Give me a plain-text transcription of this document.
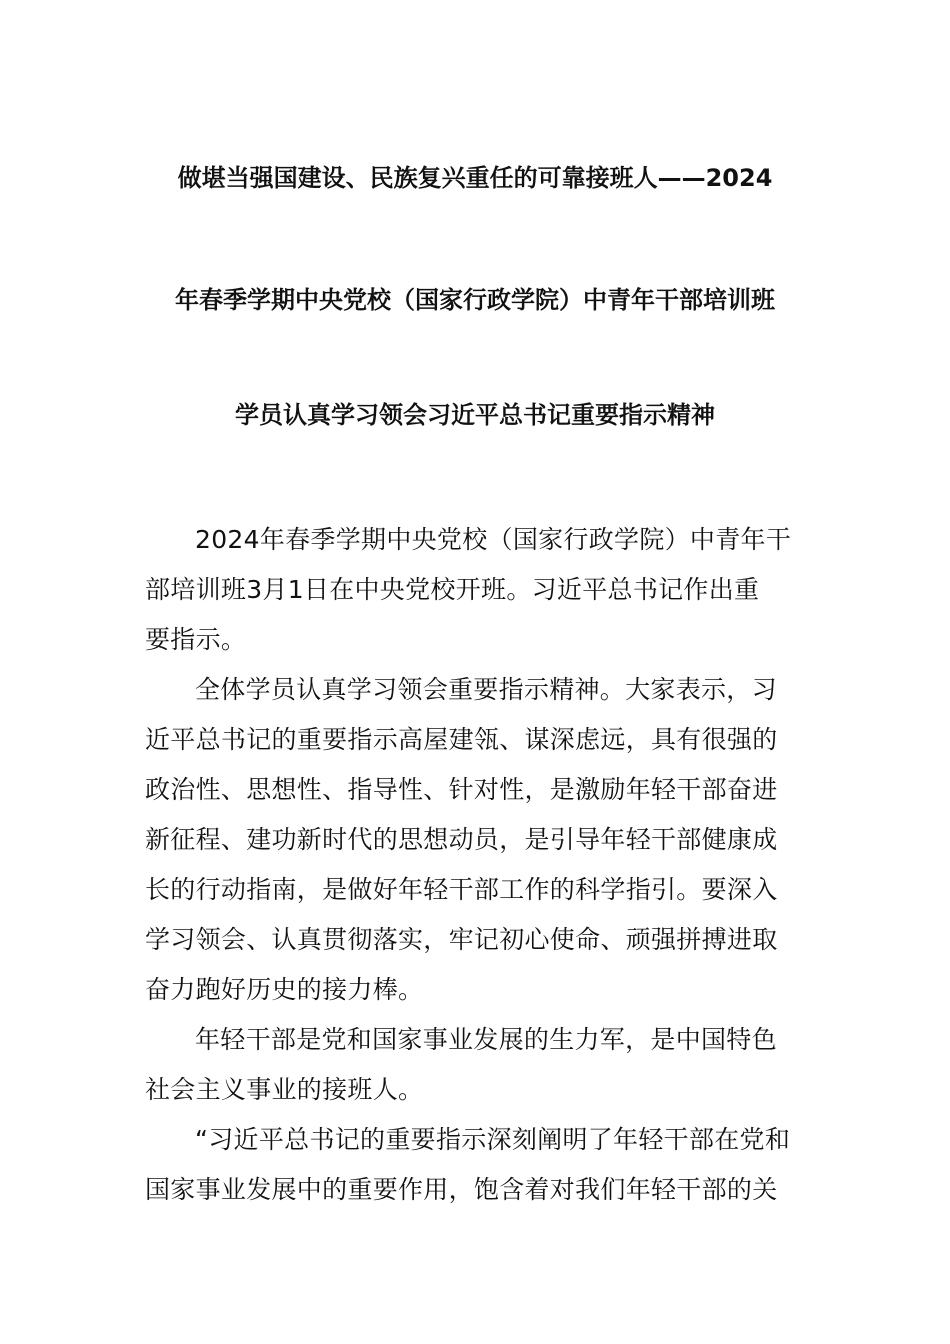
做堪当强国建设、民族复兴重任的可靠接班人——2024
年春季学期中央党校（国家行政学院）中青年干部培训班
学员认真学习领会习近平总书记重要指示精神
2024年春季学期中央党校（国家行政学院）中青年干
部培训班3月1日在中央党校开班。习近平总书记作出重
要指示。
全体学员认真学习领会重要指示精神。大家表示，习
近平总书记的重要指示高屋建瓴、谋深虑远，具有很强的
政治性、思想性、指导性、针对性，是激励年轻干部奋进
新征程、建功新时代的思想动员，是引导年轻干部健康成
长的行动指南，是做好年轻干部工作的科学指引。要深入
学习领会、认真贯彻落实，牢记初心使命、顽强拼搏进取
奋力跑好历史的接力棒。
年轻干部是党和国家事业发展的生力军，是中国特色
社会主义事业的接班人。
“习近平总书记的重要指示深刻阐明了年轻干部在党和
国家事业发展中的重要作用，饱含着对我们年轻干部的关
